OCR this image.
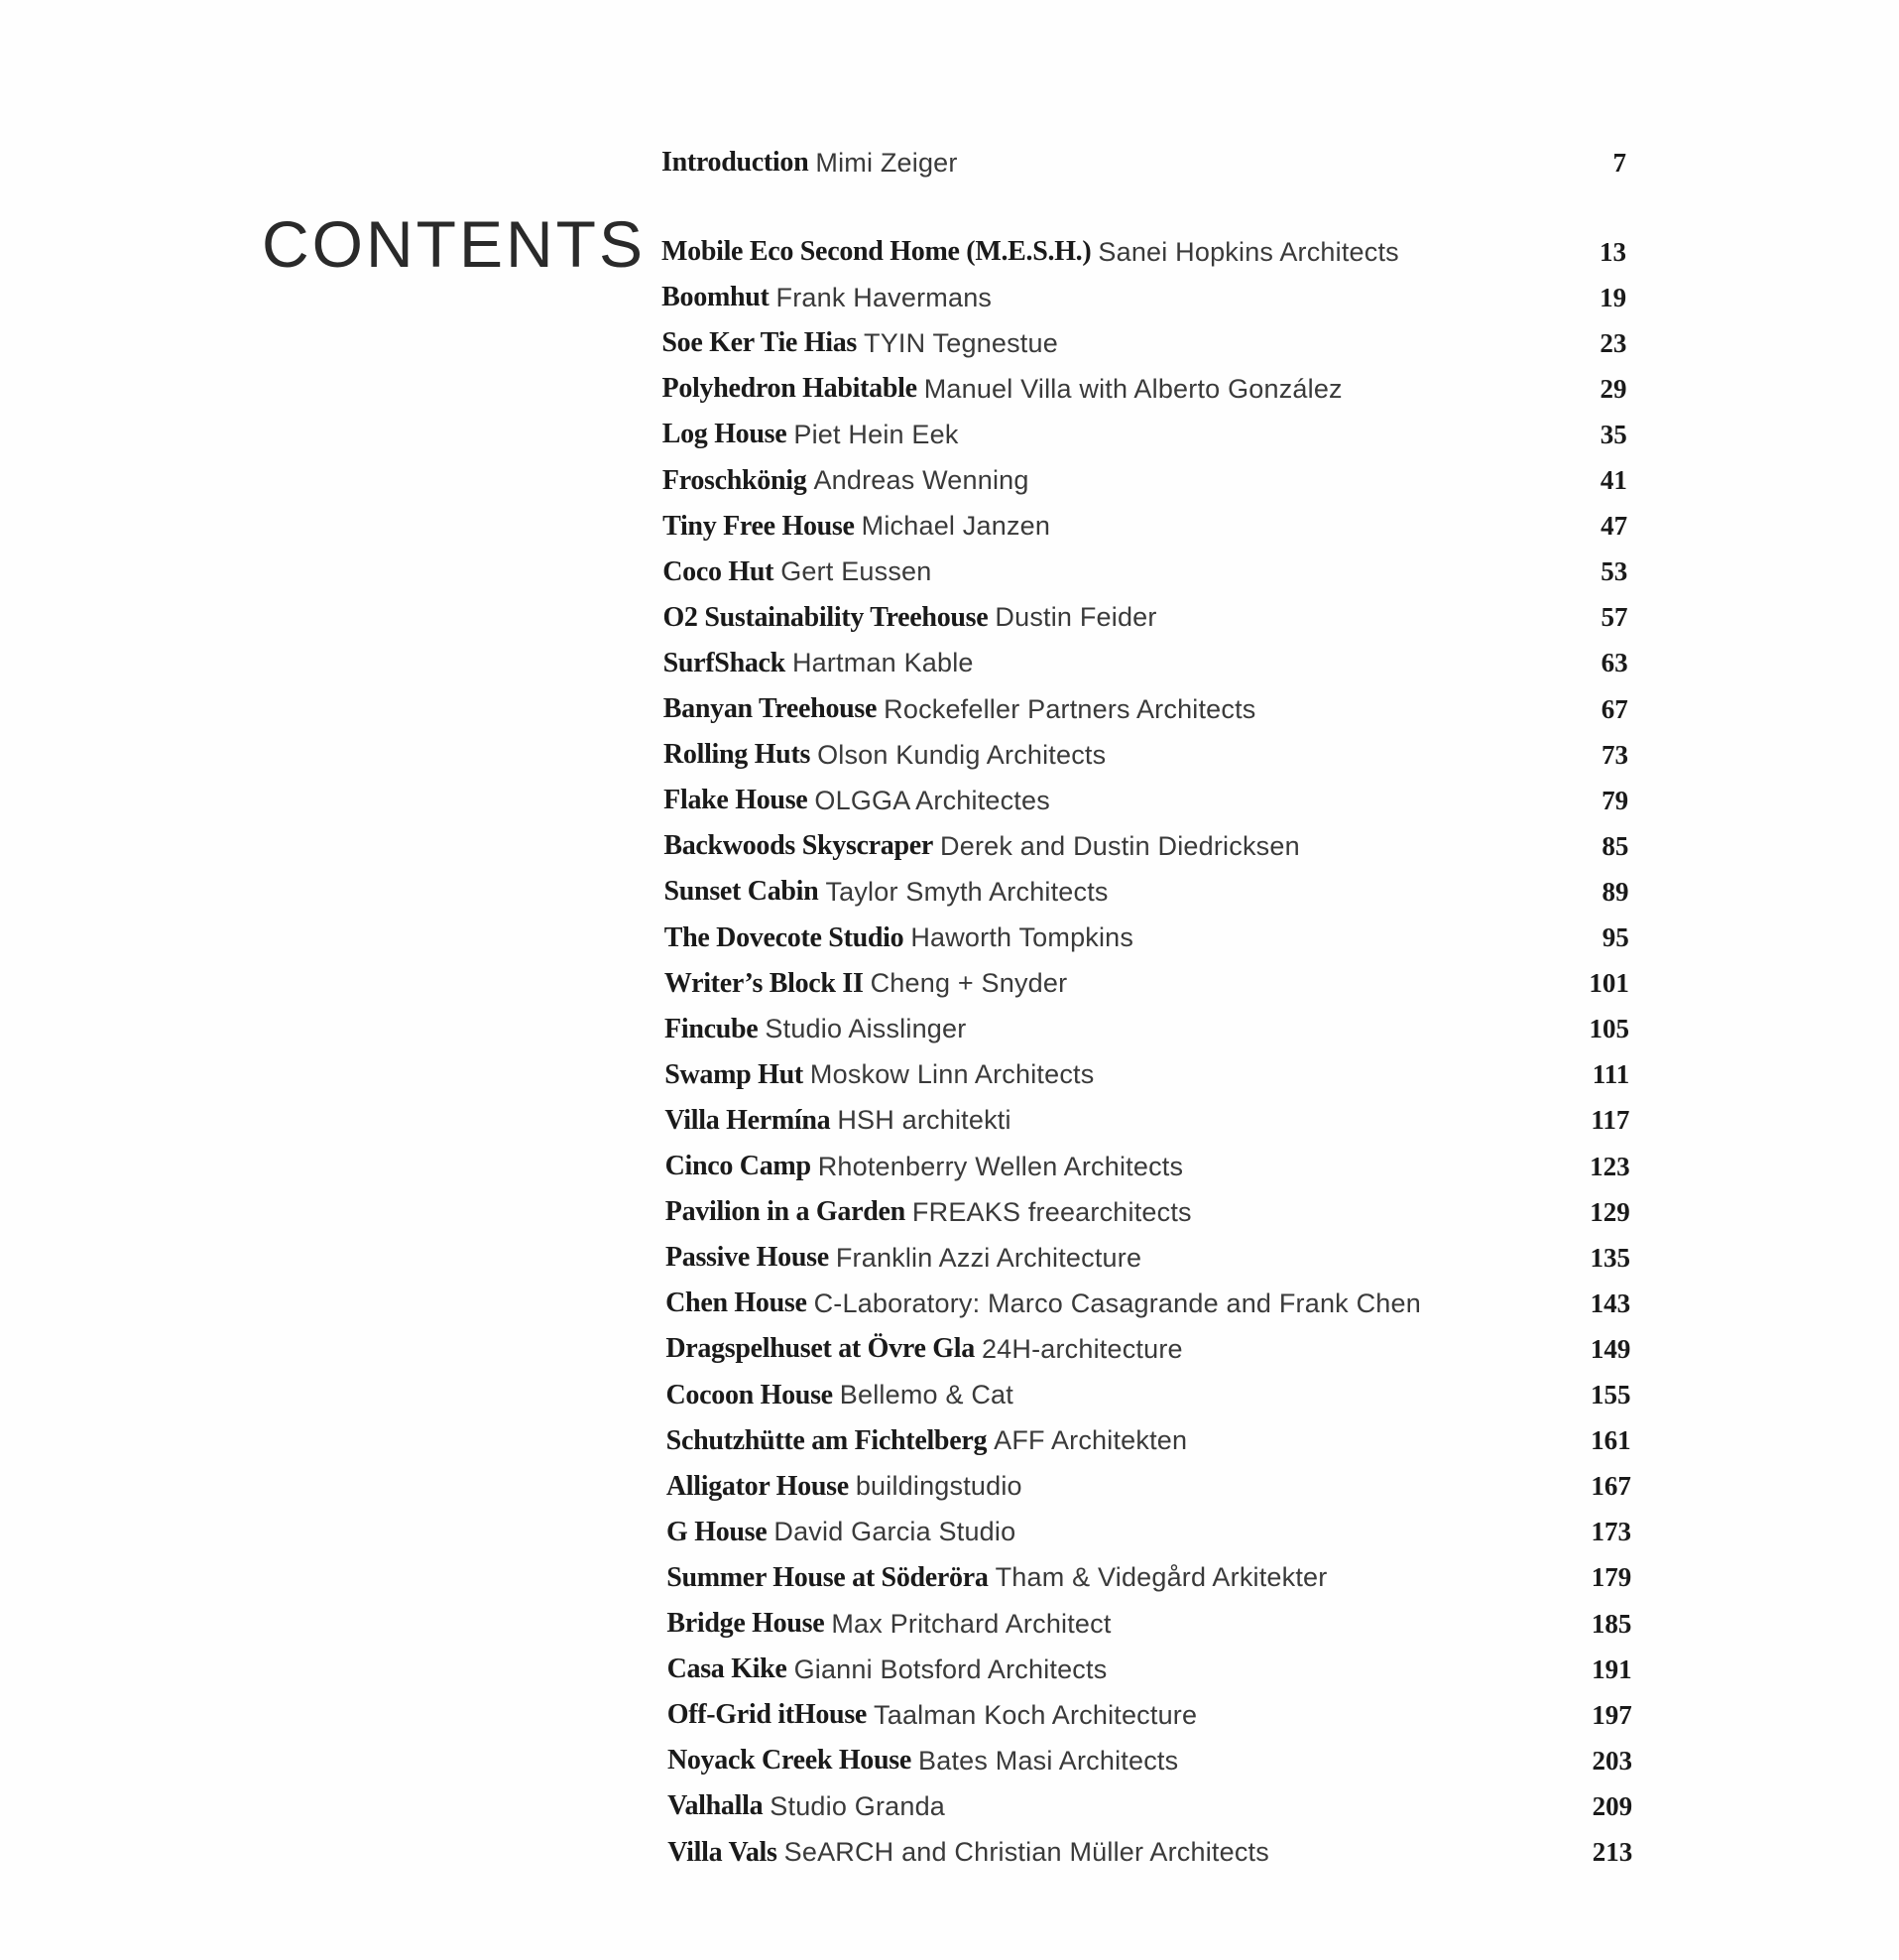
CONTENTS
Introduction Mimi Zeiger	7
Mobile Eco Second Home (M.E.S.H.) Sanei Hopkins Architects	13
Boomhut Frank Havermans	19
Soe Ker Tie Hias TYIN Tegnestue	23
Polyhedron Habitable Manuel Villa with Alberto González	29
Log House Piet Hein Eek	35
Froschkönig Andreas Wenning	41
Tiny Free House Michael Janzen	47
Coco Hut Gert Eussen	53
O2 Sustainability Treehouse Dustin Feider	57
SurfShack Hartman Kable	63
Banyan Treehouse Rockefeller Partners Architects	67
Rolling Huts Olson Kundig Architects	73
Flake House OLGGA Architectes	79
Backwoods Skyscraper Derek and Dustin Diedricksen	85
Sunset Cabin Taylor Smyth Architects	89
The Dovecote Studio Haworth Tompkins	95
Writer’s Block II Cheng + Snyder	101
Fincube Studio Aisslinger	105
Swamp Hut Moskow Linn Architects	111
Villa Hermína HSH architekti	117
Cinco Camp Rhotenberry Wellen Architects	123
Pavilion in a Garden FREAKS freearchitects	129
Passive House Franklin Azzi Architecture	135
Chen House C-Laboratory: Marco Casagrande and Frank Chen	143
Dragspelhuset at Övre Gla 24H-architecture	149
Cocoon House Bellemo & Cat	155
Schutzhütte am Fichtelberg AFF Architekten	161
Alligator House buildingstudio	167
G House David Garcia Studio	173
Summer House at Söderöra Tham & Videgård Arkitekter	179
Bridge House Max Pritchard Architect	185
Casa Kike Gianni Botsford Architects	191
Off-Grid itHouse Taalman Koch Architecture	197
Noyack Creek House Bates Masi Architects	203
Valhalla Studio Granda	209
Villa Vals SeARCH and Christian Müller Architects	213
